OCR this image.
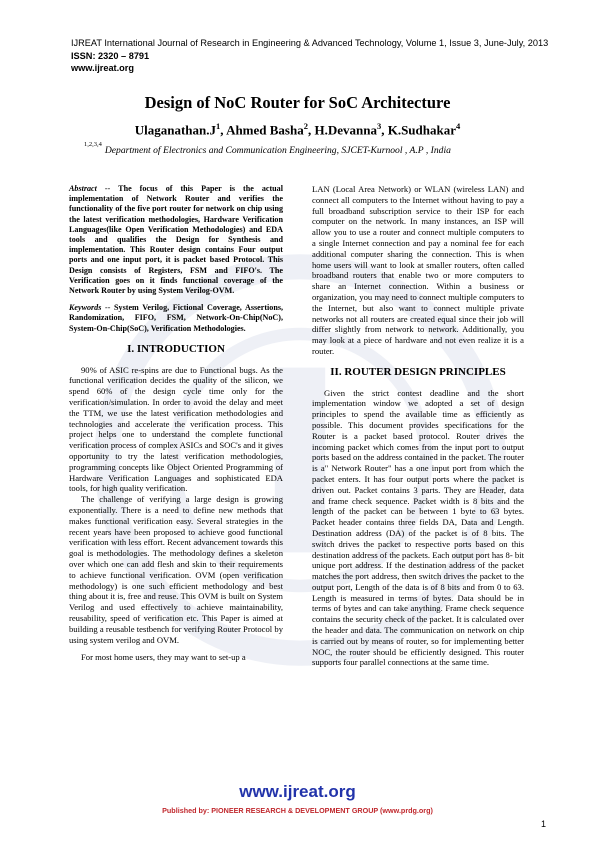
IJREAT International Journal of Research in Engineering & Advanced Technology, Volume 1, Issue 3, June-July, 2013
ISSN: 2320 – 8791
www.ijreat.org
Design of NoC Router for SoC Architecture
$Ulaganathan.J^1$, Ahmed Basha$^2$, H.Devanna$^3$, K.Sudhakar$^4$
$^{1,2,3,4}$Department of Electronics and Communication Engineering, SJCET-Kurnool , A.P , India

Abstract -- The focus of this Paper is the actual implementation of Network Router and verifies the functionality of the five port router for network on chip using the latest verification methodologies, Hardware Verification Languages(like Open Verification Methodologies) and EDA tools and qualifies the Design for Synthesis and implementation. This Router design contains Four output ports and one input port, it is packet based Protocol. This Design consists of Registers, FSM and FIFO's. The Verification goes on it finds functional coverage of the Network Router by using System Verilog-OVM.

Keywords -- System Verilog, Fictional Coverage, Assertions, Randomization, FIFO, FSM, Network-On-Chip(NoC), System-On-Chip(SoC), Verification Methodologies.

I. INTRODUCTION

90% of ASIC re-spins are due to Functional bugs. As the functional verification decides the quality of the silicon, we spend 60% of the design cycle time only for the verification/simulation. In order to avoid the delay and meet the TTM, we use the latest verification methodologies and technologies and accelerate the verification process. This project helps one to understand the complete functional verification process of complex ASICs and SOC's and it gives opportunity to try the latest verification methodologies, programming concepts like Object Oriented Programming of Hardware Verification Languages and sophisticated EDA tools, for high quality verification.

The challenge of verifying a large design is growing exponentially. There is a need to define new methods that makes functional verification easy. Several strategies in the recent years have been proposed to achieve good functional verification with less effort. Recent advancement towards this goal is methodologies. The methodology defines a skeleton over which one can add flesh and skin to their requirements to achieve functional verification. OVM (open verification methodology) is one such efficient methodology and best thing about it is, free and reuse. This OVM is built on System Verilog and used effectively to achieve maintainability, reusability, speed of verification etc. This Paper is aimed at building a reusable testbench for verifying Router Protocol by using system verilog and OVM.

For most home users, they may want to set-up a

LAN (Local Area Network) or WLAN (wireless LAN) and connect all computers to the Internet without having to pay a full broadband subscription service to their ISP for each computer on the network. In many instances, an ISP will allow you to use a router and connect multiple computers to a single Internet connection and pay a nominal fee for each additional computer sharing the connection. This is when home users will want to look at smaller routers, often called broadband routers that enable two or more computers to share an Internet connection. Within a business or organization, you may need to connect multiple computers to the Internet, but also want to connect multiple private networks not all routers are created equal since their job will differ slightly from network to network. Additionally, you may look at a piece of hardware and not even realize it is a router.

II. ROUTER DESIGN PRINCIPLES

Given the strict contest deadline and the short implementation window we adopted a set of design principles to spend the available time as efficiently as possible. This document provides specifications for the Router is a packet based protocol. Router drives the incoming packet which comes from the input port to output ports based on the address contained in the packet. The router is a" Network Router" has a one input port from which the packet enters. It has four output ports where the packet is driven out. Packet contains 3 parts. They are Header, data and frame check sequence. Packet width is 8 bits and the length of the packet can be between 1 byte to 63 bytes. Packet header contains three fields DA, Data and Length. Destination address (DA) of the packet is of 8 bits. The switch drives the packet to respective ports based on this destination address of the packets. Each output port has 8- bit unique port address. If the destination address of the packet matches the port address, then switch drives the packet to the output port, Length of the data is of 8 bits and from 0 to 63. Length is measured in terms of bytes. Data should be in terms of bytes and can take anything. Frame check sequence contains the security check of the packet. It is calculated over the header and data. The communication on network on chip is carried out by means of router, so for implementing better NOC, the router should be efficiently designed. This router supports four parallel connections at the same time.

www.ijreat.org
Published by: PIONEER RESEARCH & DEVELOPMENT GROUP (www.prdg.org)
1
